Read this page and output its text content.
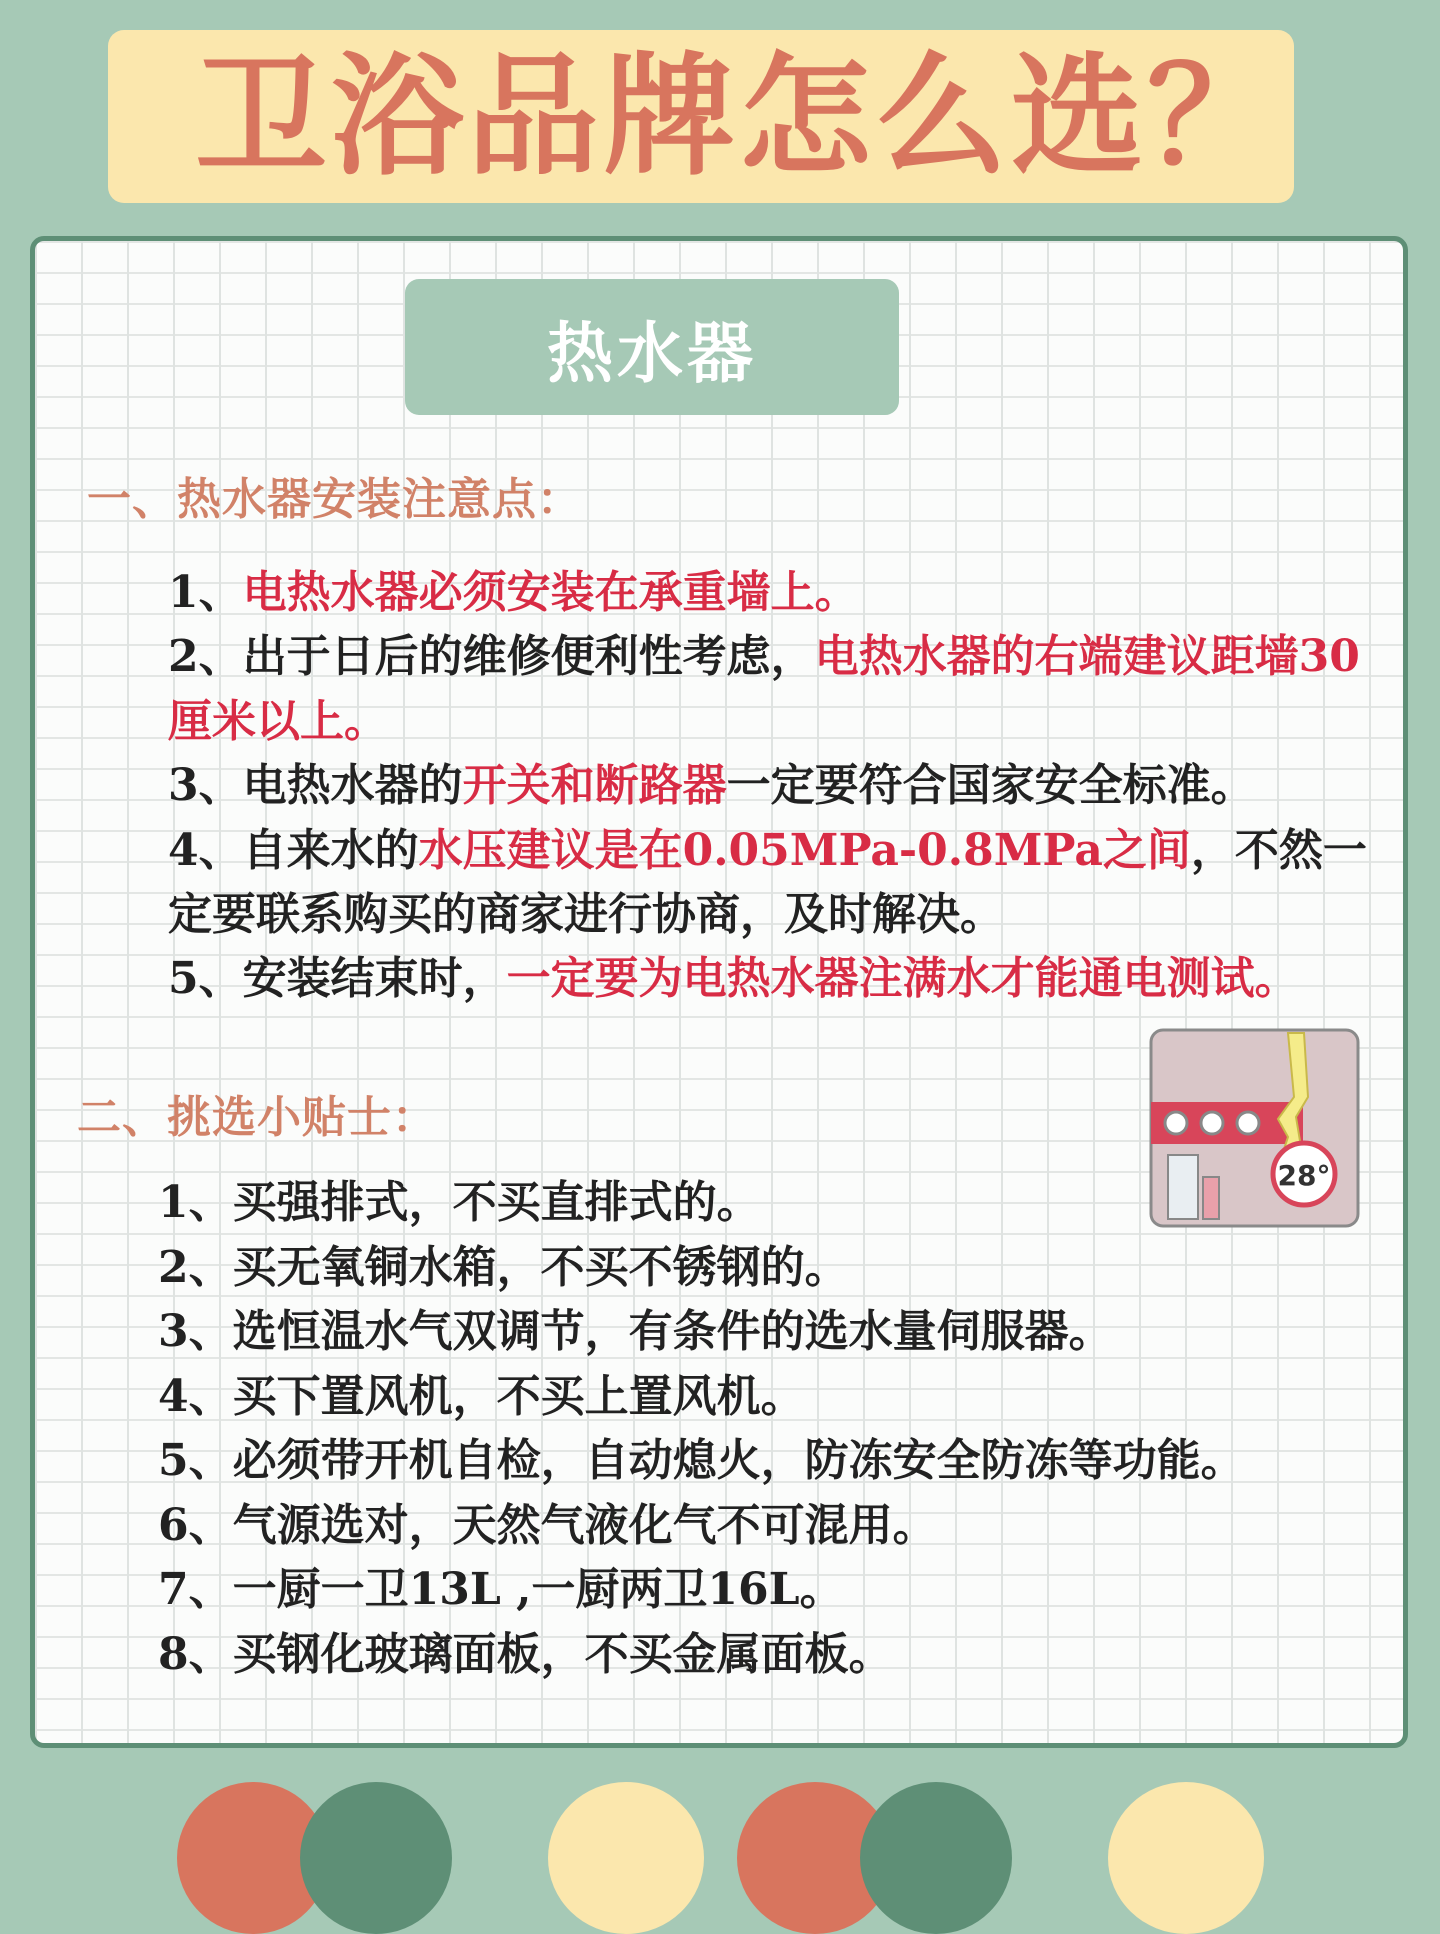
卫浴品牌怎么选？
热水器
一、热水器安装注意点：
1、电热水器必须安装在承重墙上。
2、出于日后的维修便利性考虑，电热水器的右端建议距墙30厘米以上。
3、电热水器的开关和断路器一定要符合国家安全标准。
4、自来水的水压建议是在0.05MPa-0.8MPa之间，不然一定要联系购买的商家进行协商，及时解决。
5、安装结束时，一定要为电热水器注满水才能通电测试。
二、挑选小贴士：
1、买强排式，不买直排式的。
2、买无氧铜水箱，不买不锈钢的。
3、选恒温水气双调节，有条件的选水量伺服器。
4、买下置风机，不买上置风机。
5、必须带开机自检，自动熄火，防冻安全防冻等功能。
6、气源选对，天然气液化气不可混用。
7、一厨一卫13L ,一厨两卫16L。
8、买钢化玻璃面板，不买金属面板。
28°
